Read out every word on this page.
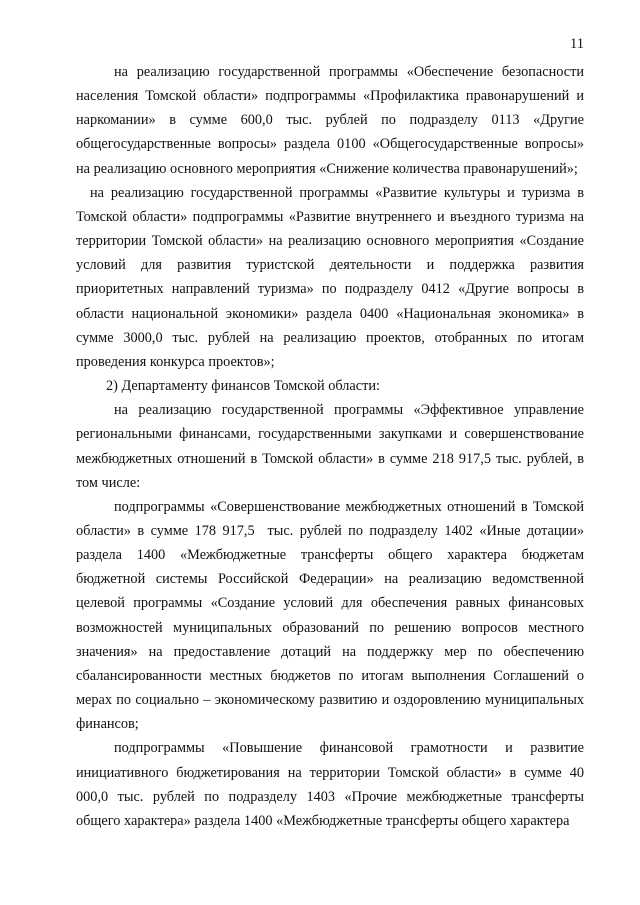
11

на реализацию государственной программы «Обеспечение безопасности населения Томской области» подпрограммы «Профилактика правонарушений и наркомании» в сумме 600,0 тыс. рублей по подразделу 0113 «Другие общегосударственные вопросы» раздела 0100 «Общегосударственные вопросы» на реализацию основного мероприятия «Снижение количества правонарушений»;

на реализацию государственной программы «Развитие культуры и туризма в Томской области» подпрограммы «Развитие внутреннего и въездного туризма на территории Томской области» на реализацию основного мероприятия «Создание условий для развития туристской деятельности и поддержка развития приоритетных направлений туризма» по подразделу 0412 «Другие вопросы в области национальной экономики» раздела 0400 «Национальная экономика» в сумме 3000,0 тыс. рублей на реализацию проектов, отобранных по итогам проведения конкурса проектов»;

2) Департаменту финансов Томской области:

на реализацию государственной программы «Эффективное управление региональными финансами, государственными закупками и совершенствование межбюджетных отношений в Томской области» в сумме 218 917,5 тыс. рублей, в том числе:

подпрограммы «Совершенствование межбюджетных отношений в Томской области» в сумме 178 917,5  тыс. рублей по подразделу 1402 «Иные дотации» раздела 1400 «Межбюджетные трансферты общего характера бюджетам бюджетной системы Российской Федерации» на реализацию ведомственной целевой программы «Создание условий для обеспечения равных финансовых возможностей муниципальных образований по решению вопросов местного значения» на предоставление дотаций на поддержку мер по обеспечению сбалансированности местных бюджетов по итогам выполнения Соглашений о мерах по социально – экономическому развитию и оздоровлению муниципальных финансов;

подпрограммы «Повышение финансовой грамотности и развитие инициативного бюджетирования на территории Томской области» в сумме 40 000,0 тыс. рублей по подразделу 1403 «Прочие межбюджетные трансферты общего характера» раздела 1400 «Межбюджетные трансферты общего характера
